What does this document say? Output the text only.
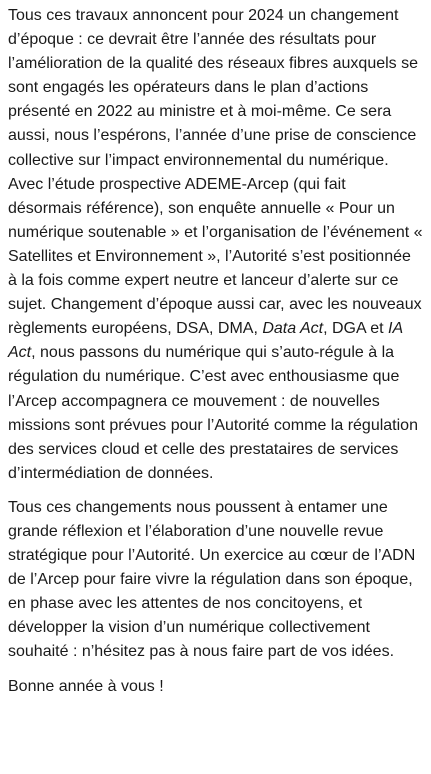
Tous ces travaux annoncent pour 2024 un changement d’époque : ce devrait être l’année des résultats pour l’amélioration de la qualité des réseaux fibres auxquels se sont engagés les opérateurs dans le plan d’actions présenté en 2022 au ministre et à moi-même. Ce sera aussi, nous l’espérons, l’année d’une prise de conscience collective sur l’impact environnemental du numérique. Avec l’étude prospective ADEME-Arcep (qui fait désormais référence), son enquête annuelle « Pour un numérique soutenable » et l’organisation de l’événement « Satellites et Environnement », l’Autorité s’est positionnée à la fois comme expert neutre et lanceur d’alerte sur ce sujet. Changement d’époque aussi car, avec les nouveaux règlements européens, DSA, DMA, Data Act, DGA et IA Act, nous passons du numérique qui s’auto-régule à la régulation du numérique. C’est avec enthousiasme que l’Arcep accompagnera ce mouvement : de nouvelles missions sont prévues pour l’Autorité comme la régulation des services cloud et celle des prestataires de services d’intermédiation de données.

Tous ces changements nous poussent à entamer une grande réflexion et l’élaboration d’une nouvelle revue stratégique pour l’Autorité. Un exercice au cœur de l’ADN de l’Arcep pour faire vivre la régulation dans son époque, en phase avec les attentes de nos concitoyens, et développer la vision d’un numérique collectivement souhaité : n’hésitez pas à nous faire part de vos idées.

Bonne année à vous !
